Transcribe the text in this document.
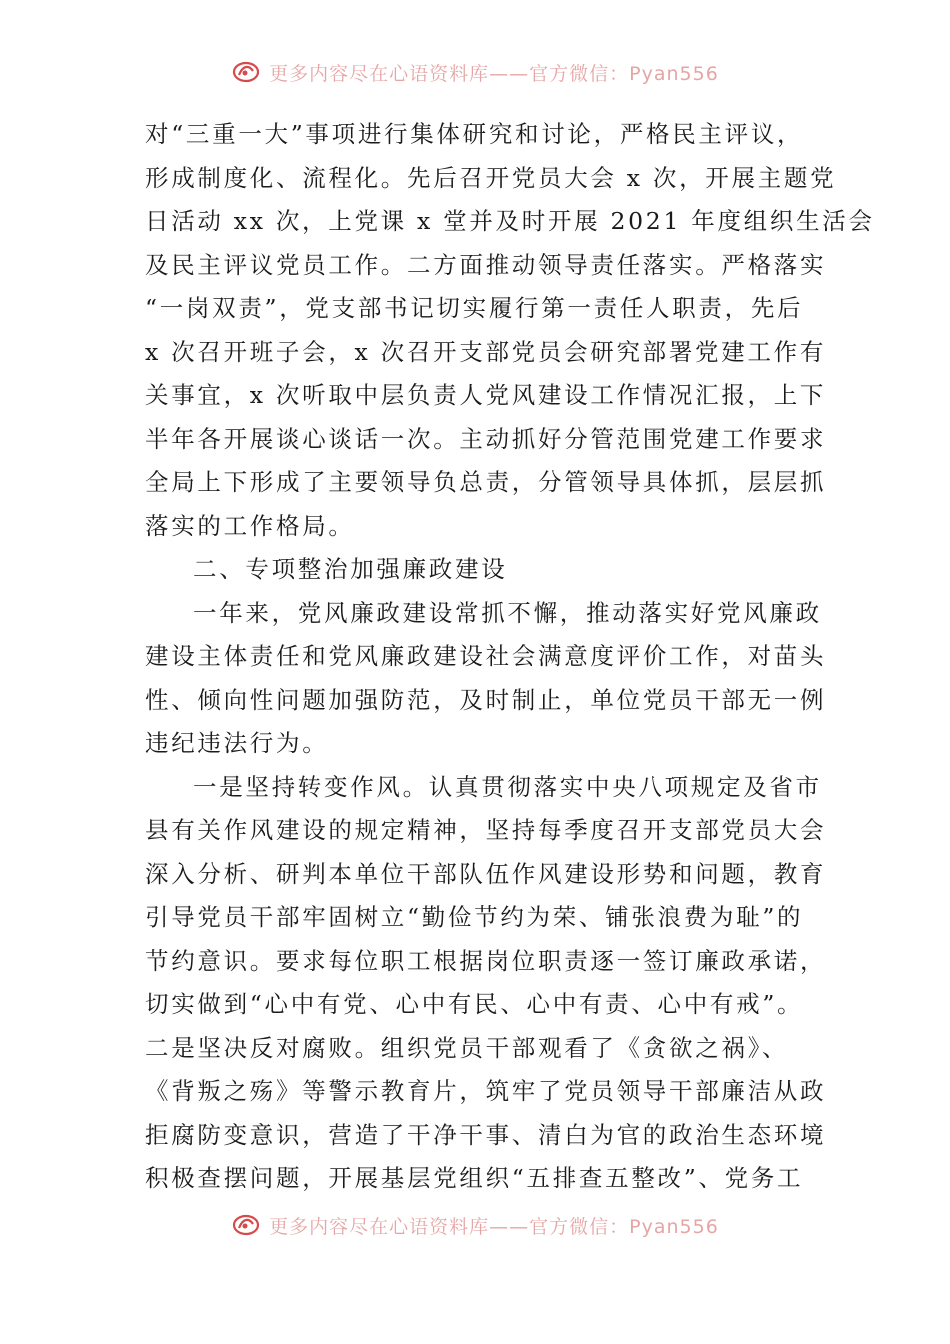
更多内容尽在心语资料库——官方微信：Pyan556
对“三重一大”事项进行集体研究和讨论，严格民主评议，
形成制度化、流程化。先后召开党员大会 x 次，开展主题党
日活动 xx 次，上党课 x 堂并及时开展 2021 年度组织生活会
及民主评议党员工作。二方面推动领导责任落实。严格落实
“一岗双责”，党支部书记切实履行第一责任人职责，先后
x 次召开班子会，x 次召开支部党员会研究部署党建工作有
关事宜，x 次听取中层负责人党风建设工作情况汇报，上下
半年各开展谈心谈话一次。主动抓好分管范围党建工作要求
全局上下形成了主要领导负总责，分管领导具体抓，层层抓
落实的工作格局。
二、专项整治加强廉政建设
一年来，党风廉政建设常抓不懈，推动落实好党风廉政
建设主体责任和党风廉政建设社会满意度评价工作，对苗头
性、倾向性问题加强防范，及时制止，单位党员干部无一例
违纪违法行为。
一是坚持转变作风。认真贯彻落实中央八项规定及省市
县有关作风建设的规定精神，坚持每季度召开支部党员大会
深入分析、研判本单位干部队伍作风建设形势和问题，教育
引导党员干部牢固树立“勤俭节约为荣、铺张浪费为耻”的
节约意识。要求每位职工根据岗位职责逐一签订廉政承诺，
切实做到“心中有党、心中有民、心中有责、心中有戒”。
二是坚决反对腐败。组织党员干部观看了《贪欲之祸》、
《背叛之殇》等警示教育片，筑牢了党员领导干部廉洁从政
拒腐防变意识，营造了干净干事、清白为官的政治生态环境
积极查摆问题，开展基层党组织“五排查五整改”、党务工
更多内容尽在心语资料库——官方微信：Pyan556
